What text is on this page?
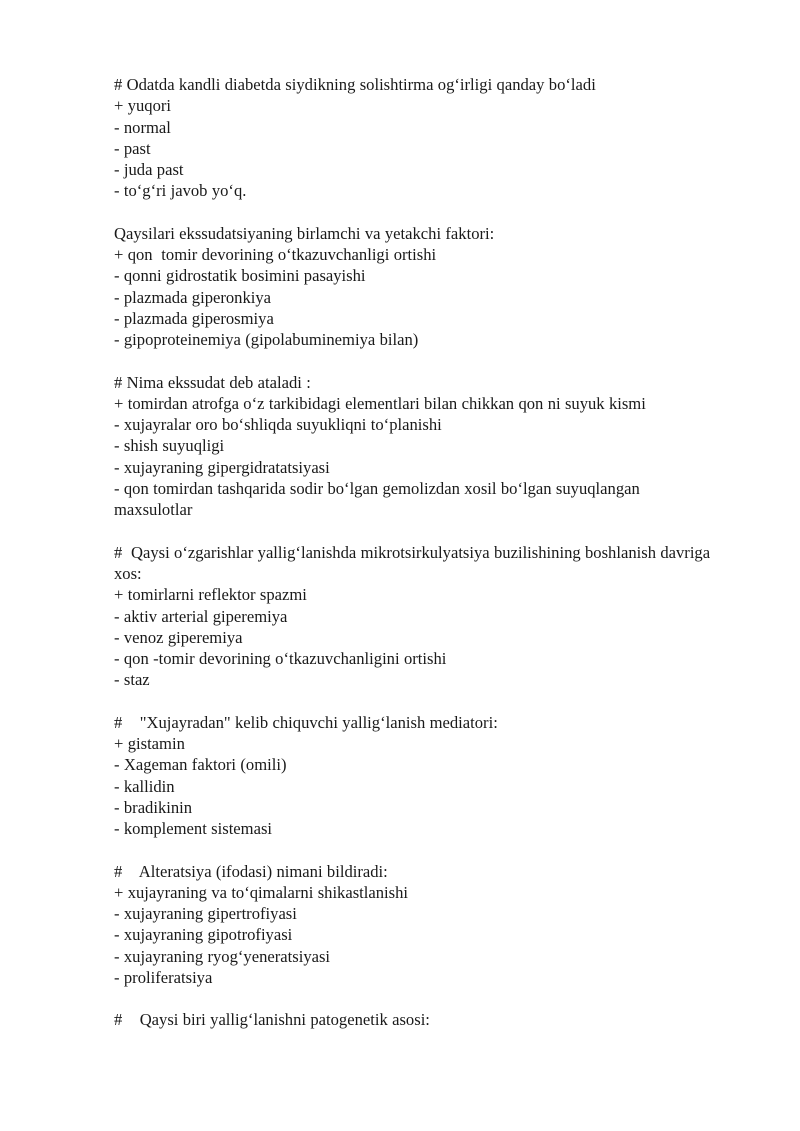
# Odatda kandli diabetda siydikning solishtirma og‘irligi qanday bo‘ladi

+ yuqori

- normal

- past

- juda past

- to‘g‘ri javob yo‘q.

Qaysilari ekssudatsiyaning birlamchi va yetakchi faktori:

+ qon  tomir devorining o‘tkazuvchanligi ortishi

- qonni gidrostatik bosimini pasayishi

- plazmada giperonkiya

- plazmada giperosmiya

- gipoproteinemiya (gipolabuminemiya bilan)

# Nima ekssudat deb ataladi :

+ tomirdan atrofga o‘z tarkibidagi elementlari bilan chikkan qon ni suyuk kismi

- xujayralar oro bo‘shliqda suyukliqni to‘planishi

- shish suyuqligi

- xujayraning gipergidratatsiyasi

- qon tomirdan tashqarida sodir bo‘lgan gemolizdan xosil bo‘lgan suyuqlangan maxsulotlar

#  Qaysi o‘zgarishlar yallig‘lanishda mikrotsirkulyatsiya buzilishining boshlanish davriga xos:

+ tomirlarni reflektor spazmi

- aktiv arterial giperemiya

- venoz giperemiya

- qon -tomir devorining o‘tkazuvchanligini ortishi

- staz

#    "Xujayradan" kelib chiquvchi yallig‘lanish mediatori:

+ gistamin

- Xageman faktori (omili)

- kallidin

- bradikinin

- komplement sistemasi

#    Alteratsiya (ifodasi) nimani bildiradi:

+ xujayraning va to‘qimalarni shikastlanishi

- xujayraning gipertrofiyasi

- xujayraning gipotrofiyasi

- xujayraning ryog‘yeneratsiyasi

- proliferatsiya

#    Qaysi biri yallig‘lanishni patogenetik asosi:
